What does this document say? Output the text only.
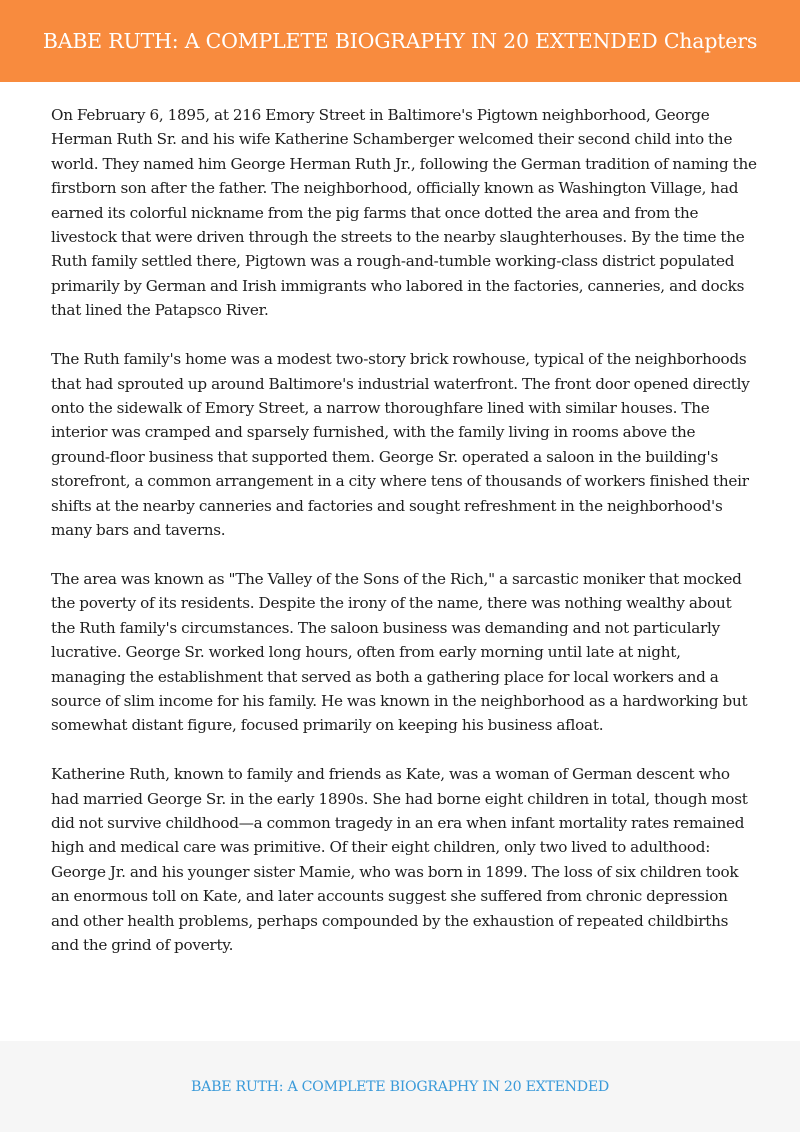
BABE RUTH: A COMPLETE BIOGRAPHY IN 20 EXTENDED Chapters

On February 6, 1895, at 216 Emory Street in Baltimore's Pigtown neighborhood, George Herman Ruth Sr. and his wife Katherine Schamberger welcomed their second child into the world. They named him George Herman Ruth Jr., following the German tradition of naming the firstborn son after the father. The neighborhood, officially known as Washington Village, had earned its colorful nickname from the pig farms that once dotted the area and from the livestock that were driven through the streets to the nearby slaughterhouses. By the time the Ruth family settled there, Pigtown was a rough-and-tumble working-class district populated primarily by German and Irish immigrants who labored in the factories, canneries, and docks that lined the Patapsco River.

The Ruth family's home was a modest two-story brick rowhouse, typical of the neighborhoods that had sprouted up around Baltimore's industrial waterfront. The front door opened directly onto the sidewalk of Emory Street, a narrow thoroughfare lined with similar houses. The interior was cramped and sparsely furnished, with the family living in rooms above the ground-floor business that supported them. George Sr. operated a saloon in the building's storefront, a common arrangement in a city where tens of thousands of workers finished their shifts at the nearby canneries and factories and sought refreshment in the neighborhood's many bars and taverns.

The area was known as "The Valley of the Sons of the Rich," a sarcastic moniker that mocked the poverty of its residents. Despite the irony of the name, there was nothing wealthy about the Ruth family's circumstances. The saloon business was demanding and not particularly lucrative. George Sr. worked long hours, often from early morning until late at night, managing the establishment that served as both a gathering place for local workers and a source of slim income for his family. He was known in the neighborhood as a hardworking but somewhat distant figure, focused primarily on keeping his business afloat.

Katherine Ruth, known to family and friends as Kate, was a woman of German descent who had married George Sr. in the early 1890s. She had borne eight children in total, though most did not survive childhood—a common tragedy in an era when infant mortality rates remained high and medical care was primitive. Of their eight children, only two lived to adulthood: George Jr. and his younger sister Mamie, who was born in 1899. The loss of six children took an enormous toll on Kate, and later accounts suggest she suffered from chronic depression and other health problems, perhaps compounded by the exhaustion of repeated childbirths and the grind of poverty.

BABE RUTH: A COMPLETE BIOGRAPHY IN 20 EXTENDED
